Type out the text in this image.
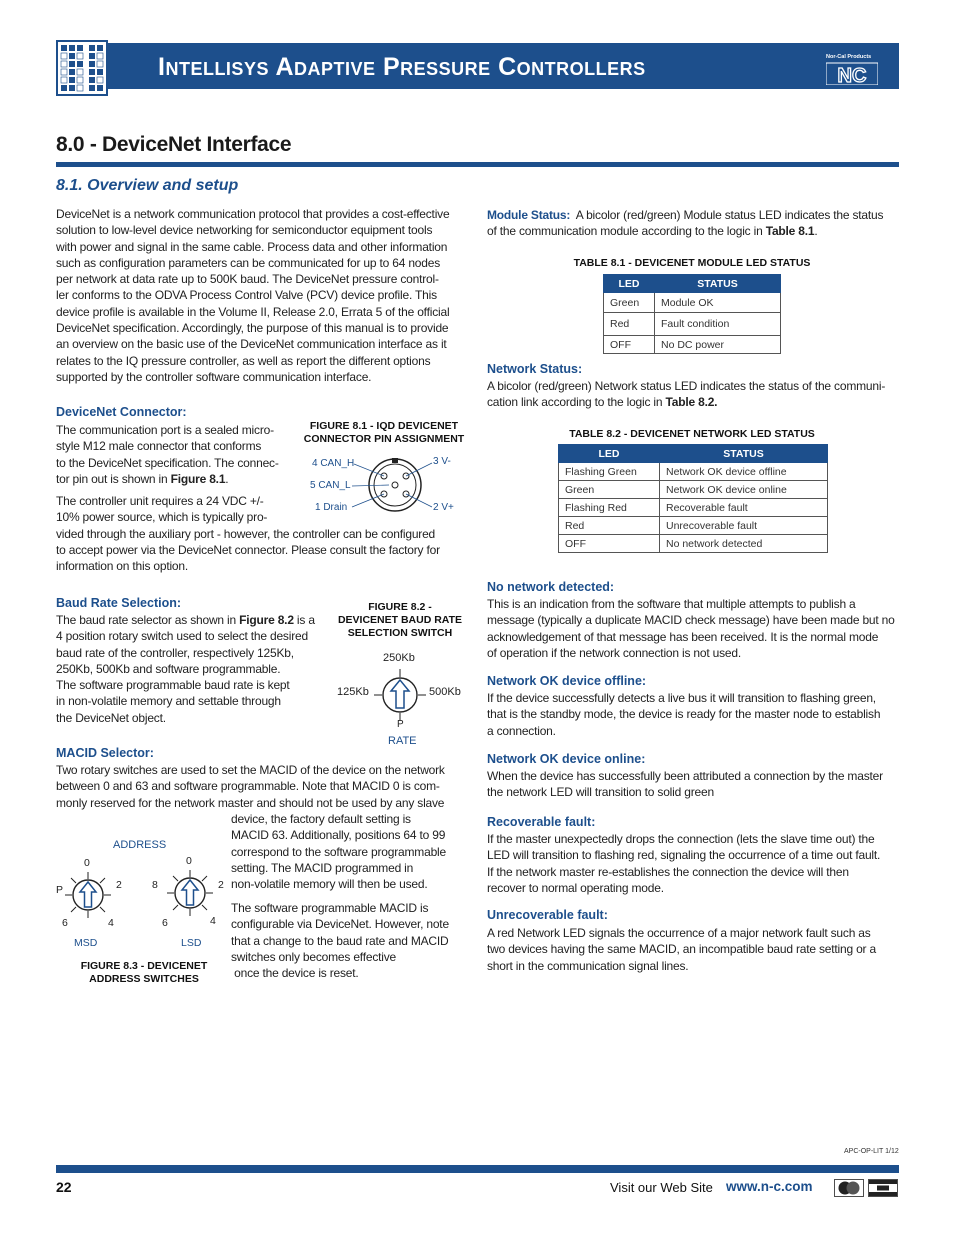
Intellisys Adaptive Pressure Controllers	Nor-Cal Products
NC
8.0 - DeviceNet Interface
8.1. Overview and setup
DeviceNet is a network communication protocol that provides a cost-effective
solution to low-level device networking for semiconductor equipment tools
with power and signal in the same cable. Process data and other information
such as configuration parameters can be communicated for up to 64 nodes
per network at data rate up to 500K baud. The DeviceNet pressure control-
ler conforms to the ODVA Process Control Valve (PCV) device profile. This
device profile is available in the Volume II, Release 2.0, Errata 5 of the official
DeviceNet specification. Accordingly, the purpose of this manual is to provide
an overview on the basic use of the DeviceNet communication interface as it
relates to the IQ pressure controller, as well as report the different options
supported by the controller software communication interface.
DeviceNet Connector:
The communication port is a sealed micro-
style M12 male connector that conforms
to the DeviceNet specification. The connec-
tor pin out is shown in Figure 8.1.
The controller unit requires a 24 VDC +/-
10% power source, which is typically pro-
vided through the auxiliary port - however, the controller can be configured
to accept power via the DeviceNet connector. Please consult the factory for
information on this option.
FIGURE 8.1 - IQD DEVICENET
CONNECTOR PIN ASSIGNMENT
4 CAN_H
5 CAN_L
1 Drain
3 V-
2 V+
Baud Rate Selection:
The baud rate selector as shown in Figure 8.2 is a
4 position rotary switch used to select the desired
baud rate of the controller, respectively 125Kb,
250Kb, 500Kb and software programmable.
The software programmable baud rate is kept
in non-volatile memory and settable through
the DeviceNet object.
FIGURE 8.2 -
DEVICENET BAUD RATE
SELECTION SWITCH
250Kb
125Kb	500Kb
P
RATE
MACID Selector:
Two rotary switches are used to set the MACID of the device on the network
between 0 and 63 and software programmable. Note that MACID 0 is com-
monly reserved for the network master and should not be used by any slave
device, the factory default setting is
MACID 63. Additionally, positions 64 to 99
correspond to the software programmable
setting. The MACID programmed in
non-volatile memory will then be used.
The software programmable MACID is
configurable via DeviceNet. However, note
that a change to the baud rate and MACID
switches only becomes effective
once the device is reset.
ADDRESS
0
P	2
6	4
MSD
0
8	2
6	4
LSD
FIGURE 8.3 - DEVICENET
ADDRESS SWITCHES
Module Status:  A bicolor (red/green) Module status LED indicates the status
of the communication module according to the logic in Table 8.1.
TABLE 8.1 - DEVICENET MODULE LED STATUS
LED	STATUS
Green	Module OK
Red	Fault condition
OFF	No DC power
Network Status:
A bicolor (red/green) Network status LED indicates the status of the communi-
cation link according to the logic in Table 8.2.
TABLE 8.2 - DEVICENET NETWORK LED STATUS
LED	STATUS
Flashing Green	Network OK device offline
Green	Network OK device online
Flashing Red	Recoverable fault
Red	Unrecoverable fault
OFF	No network detected
No network detected:
This is an indication from the software that multiple attempts to publish a
message (typically a duplicate MACID check message) have been made but no
acknowledgement of that message has been received. It is the normal mode
of operation if the network connection is not used.
Network OK device offline:
If the device successfully detects a live bus it will transition to flashing green,
that is the standby mode, the device is ready for the master node to establish
a connection.
Network OK device online:
When the device has successfully been attributed a connection by the master
the network LED will transition to solid green
Recoverable fault:
If the master unexpectedly drops the connection (lets the slave time out) the
LED will transition to flashing red, signaling the occurrence of a time out fault.
If the network master re-establishes the connection the device will then
recover to normal operating mode.
Unrecoverable fault:
A red Network LED signals the occurrence of a major network fault such as
two devices having the same MACID, an incompatible baud rate setting or a
short in the communication signal lines.
APC-OP-LIT 1/12
22	Visit our Web Site www.n-c.com
